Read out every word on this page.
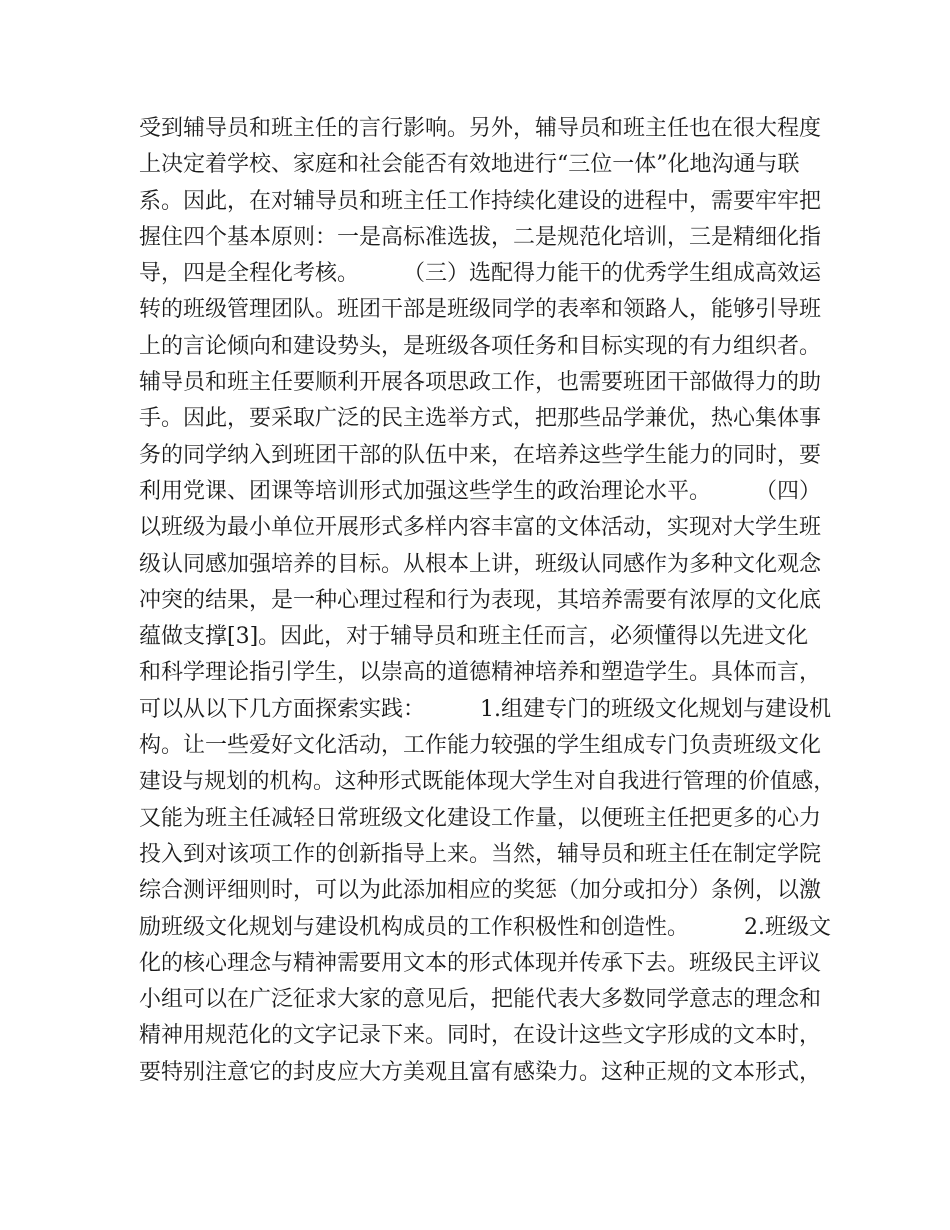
受到辅导员和班主任的言行影响。另外，辅导员和班主任也在很大程度
上决定着学校、家庭和社会能否有效地进行“三位一体”化地沟通与联
系。因此，在对辅导员和班主任工作持续化建设的进程中，需要牢牢把
握住四个基本原则：一是高标准选拔，二是规范化培训，三是精细化指
导，四是全程化考核。　　　（三）选配得力能干的优秀学生组成高效运
转的班级管理团队。班团干部是班级同学的表率和领路人，能够引导班
上的言论倾向和建设势头，是班级各项任务和目标实现的有力组织者。
辅导员和班主任要顺利开展各项思政工作，也需要班团干部做得力的助
手。因此，要采取广泛的民主选举方式，把那些品学兼优，热心集体事
务的同学纳入到班团干部的队伍中来，在培养这些学生能力的同时，要
利用党课、团课等培训形式加强这些学生的政治理论水平。　　　（四）
以班级为最小单位开展形式多样内容丰富的文体活动，实现对大学生班
级认同感加强培养的目标。从根本上讲，班级认同感作为多种文化观念
冲突的结果，是一种心理过程和行为表现，其培养需要有浓厚的文化底
蕴做支撑[3]。因此，对于辅导员和班主任而言，必须懂得以先进文化
和科学理论指引学生，以崇高的道德精神培养和塑造学生。具体而言，
可以从以下几方面探索实践：　　　1.组建专门的班级文化规划与建设机
构。让一些爱好文化活动，工作能力较强的学生组成专门负责班级文化
建设与规划的机构。这种形式既能体现大学生对自我进行管理的价值感，
又能为班主任减轻日常班级文化建设工作量，以便班主任把更多的心力
投入到对该项工作的创新指导上来。当然，辅导员和班主任在制定学院
综合测评细则时，可以为此添加相应的奖惩（加分或扣分）条例，以激
励班级文化规划与建设机构成员的工作积极性和创造性。　　　2.班级文
化的核心理念与精神需要用文本的形式体现并传承下去。班级民主评议
小组可以在广泛征求大家的意见后，把能代表大多数同学意志的理念和
精神用规范化的文字记录下来。同时，在设计这些文字形成的文本时，
要特别注意它的封皮应大方美观且富有感染力。这种正规的文本形式，
